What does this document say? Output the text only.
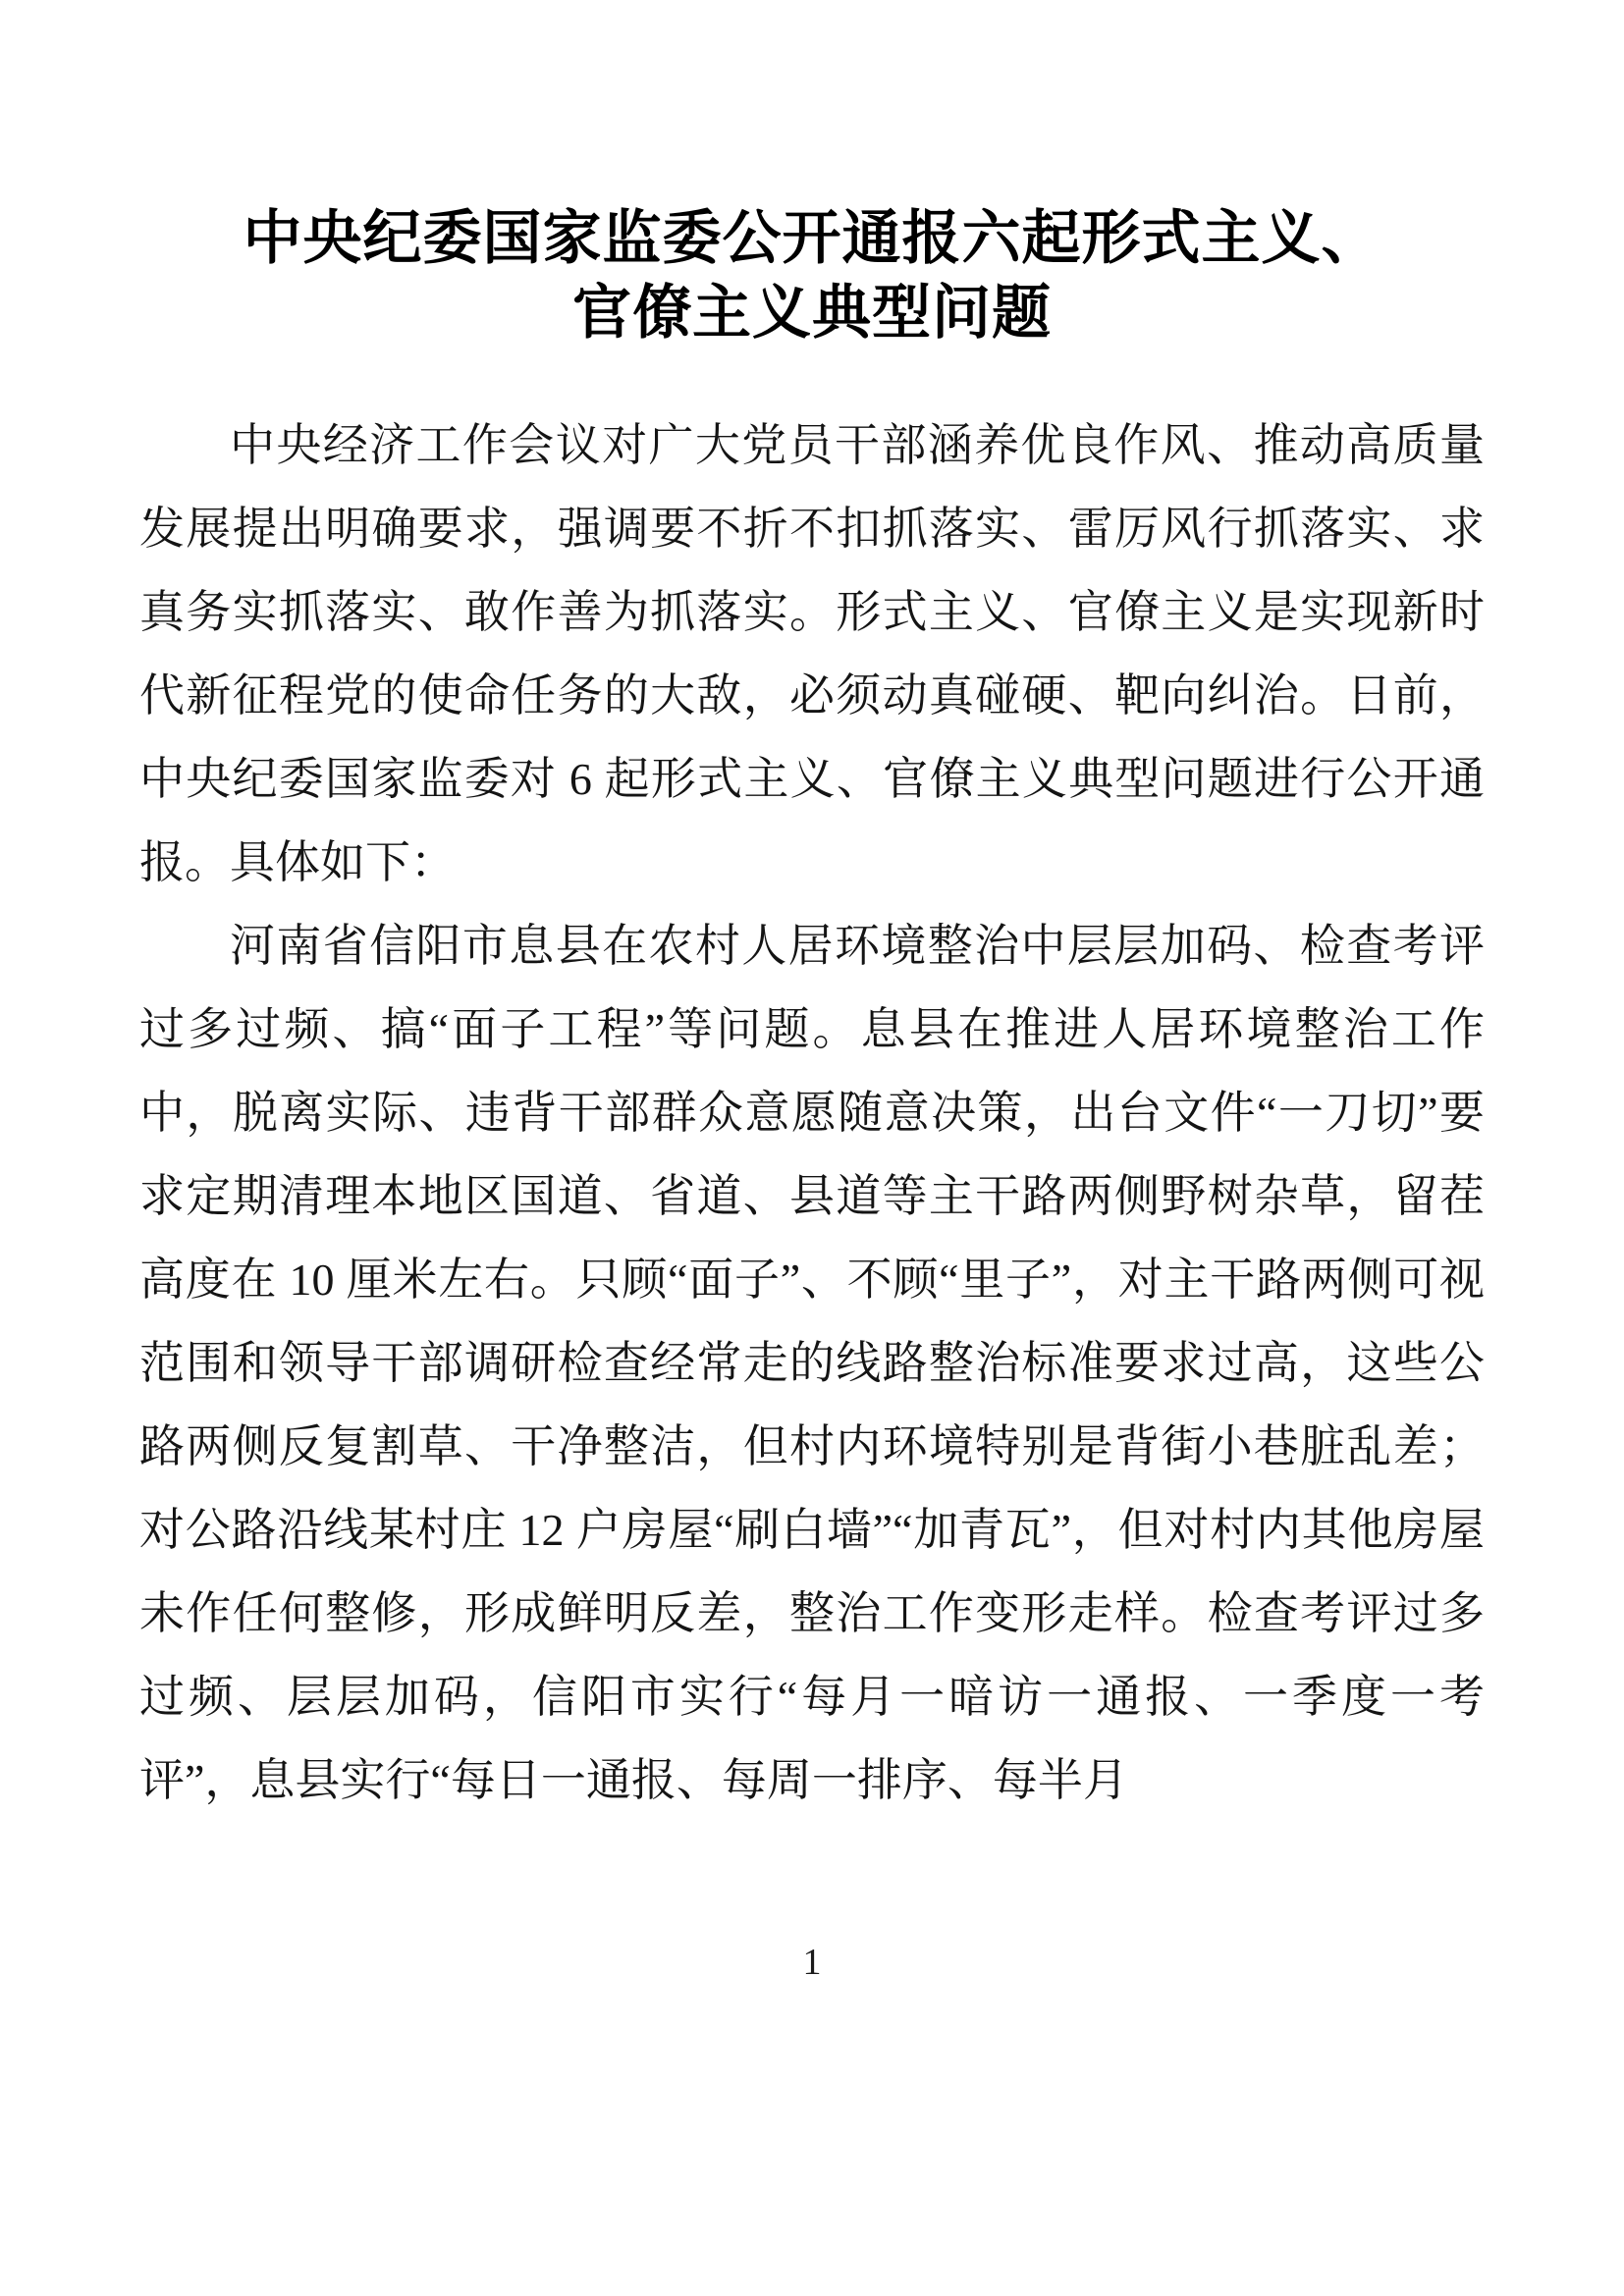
中央纪委国家监委公开通报六起形式主义、
官僚主义典型问题

中央经济工作会议对广大党员干部涵养优良作风、推动高质量发展提出明确要求，强调要不折不扣抓落实、雷厉风行抓落实、求真务实抓落实、敢作善为抓落实。形式主义、官僚主义是实现新时代新征程党的使命任务的大敌，必须动真碰硬、靶向纠治。日前，中央纪委国家监委对 6 起形式主义、官僚主义典型问题进行公开通报。具体如下：

河南省信阳市息县在农村人居环境整治中层层加码、检查考评过多过频、搞“面子工程”等问题。息县在推进人居环境整治工作中，脱离实际、违背干部群众意愿随意决策，出台文件“一刀切”要求定期清理本地区国道、省道、县道等主干路两侧野树杂草，留茬高度在 10 厘米左右。只顾“面子”、不顾“里子”，对主干路两侧可视范围和领导干部调研检查经常走的线路整治标准要求过高，这些公路两侧反复割草、干净整洁，但村内环境特别是背街小巷脏乱差；对公路沿线某村庄 12 户房屋“刷白墙”“加青瓦”，但对村内其他房屋未作任何整修，形成鲜明反差，整治工作变形走样。检查考评过多过频、层层加码，信阳市实行“每月一暗访一通报、一季度一考评”，息县实行“每日一通报、每周一排序、每半月

1
